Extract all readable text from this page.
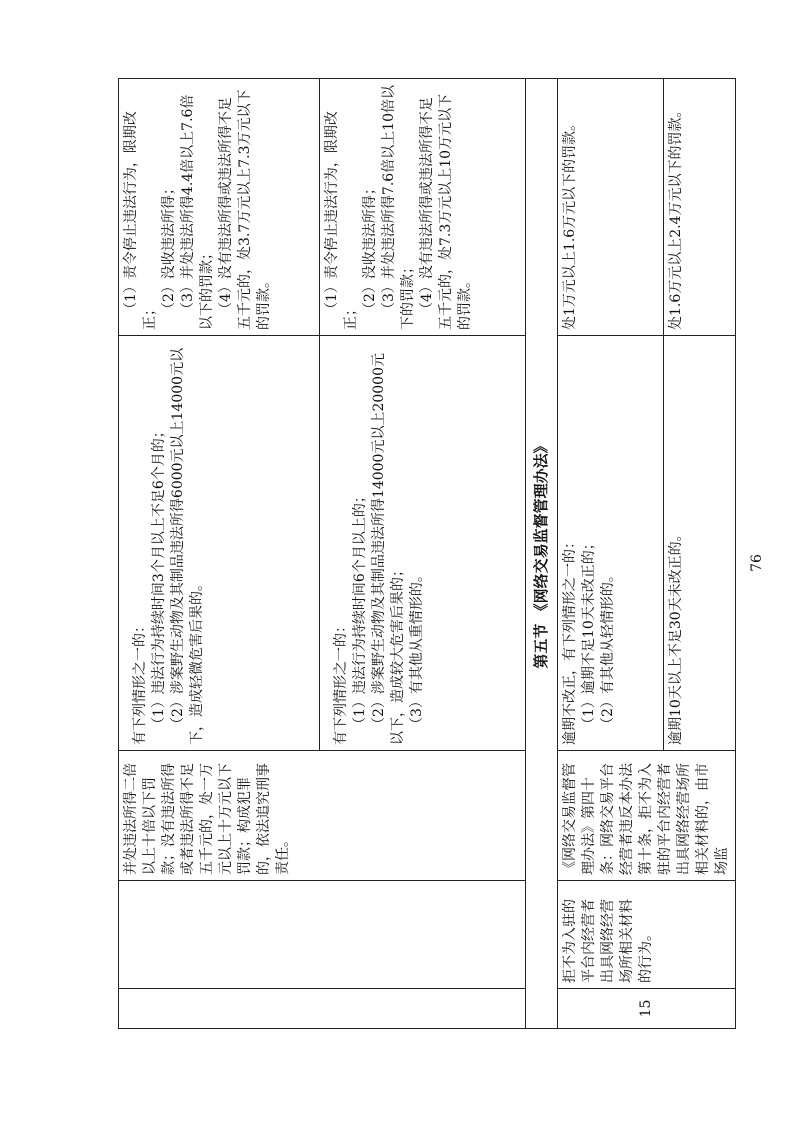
		并处违法所得二倍以上十倍以下罚款；没有违法所得或者违法所得不足五千元的，处一万元以上十万元以下罚款；构成犯罪的，依法追究刑事责任。	有下列情形之一的： （1）违法行为持续时间3个月以上不足6个月的； （2）涉案野生动物及其制品违法所得6000元以上14000元以下，造成轻微危害后果的。	（1）责令停止违法行为，限期改正； （2）没收违法所得； （3）并处违法所得4.4倍以上7.6倍以下的罚款； （4）没有违法所得或违法所得不足五千元的，处3.7万元以上7.3万元以下的罚款。

			有下列情形之一的： （1）违法行为持续时间6个月以上的； （2）涉案野生动物及其制品违法所得14000元以上20000元以下，造成较大危害后果的； （3）有其他从重情形的。	（1）责令停止违法行为，限期改正； （2）没收违法所得； （3）并处违法所得7.6倍以上10倍以下的罚款； （4）没有违法所得或违法所得不足五千元的，处7.3万元以上10万元以下的罚款。

第五节 《网络交易监督管理办法》				
15	拒不为入驻的平台内经营者出具网络经营场所相关材料的行为。	《网络交易监督管理办法》第四十条：网络交易平台经营者违反本办法第十条，拒不为入驻的平台内经营者出具网络经营场所相关材料的，由市场监	逾期不改正，有下列情形之一的： （1）逾期不足10天未改正的； （2）有其他从轻情形的。	处1万元以上1.6万元以下的罚款。

			逾期10天以上不足30天未改正的。	处1.6万元以上2.4万元以下的罚款。
76
